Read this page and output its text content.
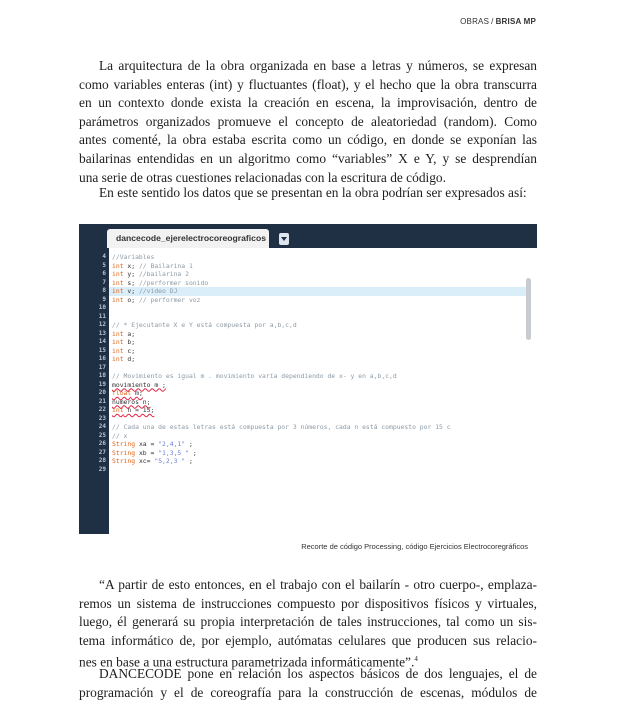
OBRAS / BRISA MP
La arquitectura de la obra organizada en base a letras y números, se expresan
como variables enteras (int) y fluctuantes (float), y el hecho que la obra transcurra
en un contexto donde exista la creación en escena, la improvisación, dentro de
parámetros organizados promueve el concepto de aleatoriedad (random). Como
antes comenté, la obra estaba escrita como un código, en donde se exponían las
bailarinas entendidas en un algoritmo como “variables” X e Y, y se desprendían
una serie de otras cuestiones relacionadas con la escritura de código.
En este sentido los datos que se presentan en la obra podrían ser expresados así:
dancecode_ejerelectrocoreograficos
4
5
6
7
8
9
10
11
12
13
14
15
16
17
18
19
20
21
22
23
24
25
26
27
28
29
//Variables
int x; // Bailarina 1
int y; //bailarina 2
int s; //performer sonido
int v; //video DJ
int o; // performer voz
// * Ejecutante X e Y está compuesta por a,b,c,d
int a;
int b;
int c;
int d;
// Movimiento es igual m . movimiento varía dependiendo de x- y en a,b,c,d
movimiento m ;
float m;
numeros n;
int n = 15;
// Cada una de estas letras está compuesta por 3 números, cada n está compuesto por 15 c
// x
String xa = "2,4,1" ;
String xb = "1,3,5 " ;
String xc= "5,2,3 " ;
Recorte de código Processing, código Ejercicios Electrocoregráficos
“A partir de esto entonces, en el trabajo con el bailarín - otro cuerpo-, emplaza-
remos un sistema de instrucciones compuesto por dispositivos físicos y virtuales,
luego, él generará su propia interpretación de tales instrucciones, tal como un sis-
tema informático de, por ejemplo, autómatas celulares que producen sus relacio-
nes en base a una estructura parametrizada informáticamente”.$^4$
DANCECODE pone en relación los aspectos básicos de dos lenguajes, el de
programación y el de coreografía para la construcción de escenas, módulos de
